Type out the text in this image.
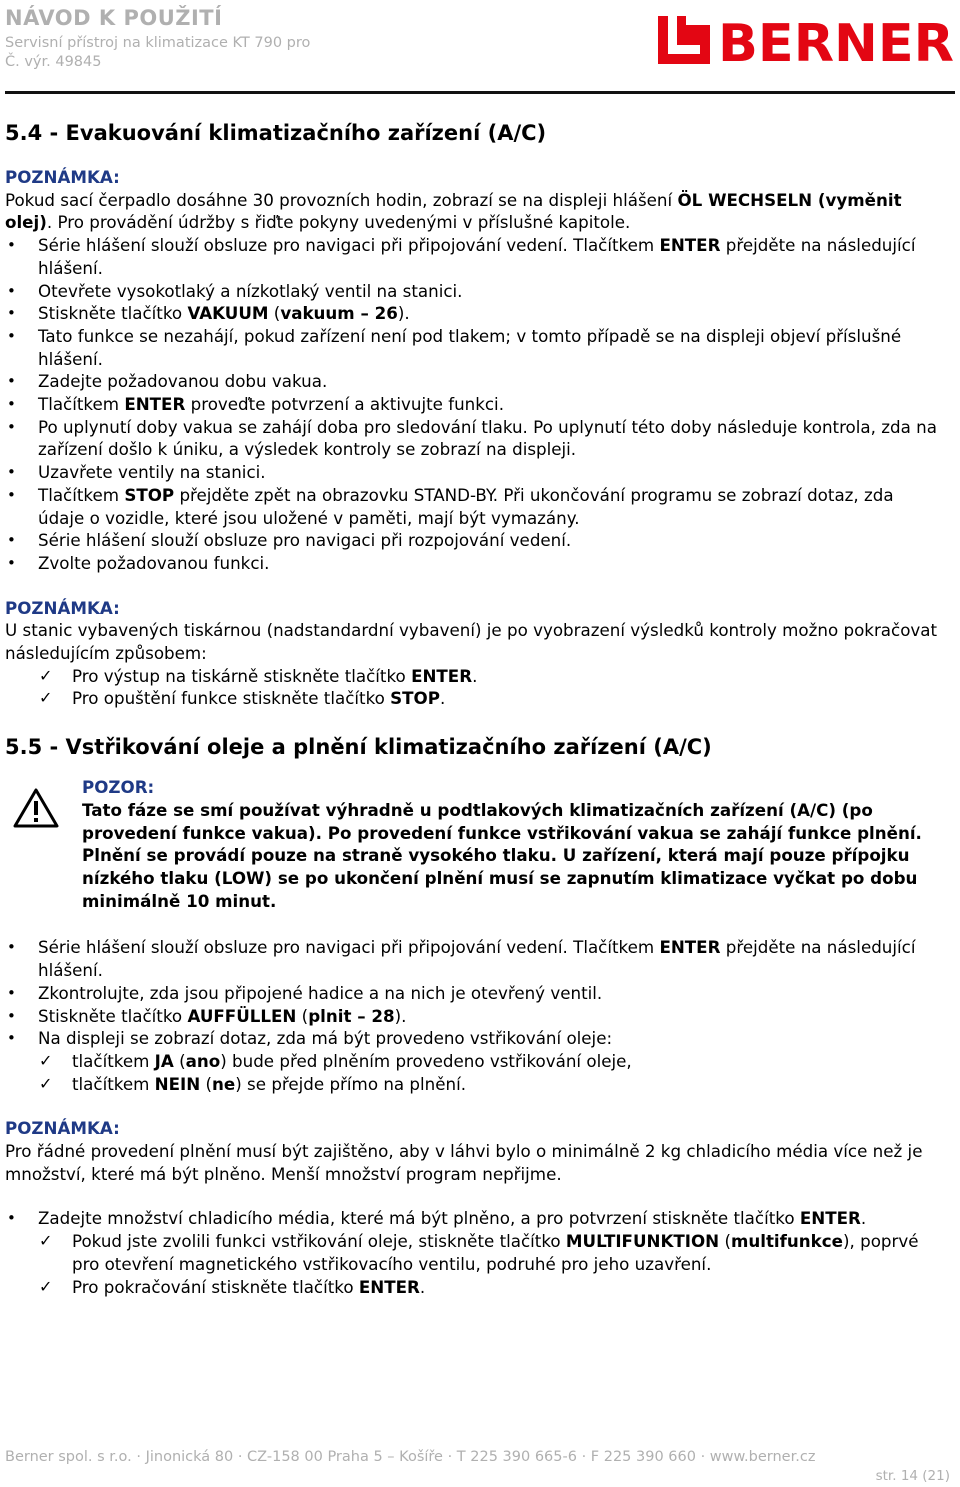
NÁVOD K POUŽITÍ
Servisní přístroj na klimatizace KT 790 pro
Č. výr. 49845	BERNER
5.4 - Evakuování klimatizačního zařízení (A/C)
POZNÁMKA:

Pokud sací čerpadlo dosáhne 30 provozních hodin, zobrazí se na displeji hlášení ÖL WECHSELN (vyměnit olej). Pro provádění údržby s řiďte pokyny uvedenými v příslušné kapitole.

• Série hlášení slouží obsluze pro navigaci při připojování vedení. Tlačítkem ENTER přejděte na následující hlášení.
• Otevřete vysokotlaký a nízkotlaký ventil na stanici.
• Stiskněte tlačítko VAKUUM (vakuum – 26).
• Tato funkce se nezahájí, pokud zařízení není pod tlakem; v tomto případě se na displeji objeví příslušné hlášení.
• Zadejte požadovanou dobu vakua.
• Tlačítkem ENTER proveďte potvrzení a aktivujte funkci.
• Po uplynutí doby vakua se zahájí doba pro sledování tlaku. Po uplynutí této doby následuje kontrola, zda na zařízení došlo k úniku, a výsledek kontroly se zobrazí na displeji.
• Uzavřete ventily na stanici.
• Tlačítkem STOP přejděte zpět na obrazovku STAND-BY. Při ukončování programu se zobrazí dotaz, zda údaje o vozidle, které jsou uložené v paměti, mají být vymazány.
• Série hlášení slouží obsluze pro navigaci při rozpojování vedení.
• Zvolte požadovanou funkci.
POZNÁMKA:

U stanic vybavených tiskárnou (nadstandardní vybavení) je po vyobrazení výsledků kontroly možno pokračovat následujícím způsobem:

✓ Pro výstup na tiskárně stiskněte tlačítko ENTER.
✓ Pro opuštění funkce stiskněte tlačítko STOP.
5.5 - Vstřikování oleje a plnění klimatizačního zařízení (A/C)
POZOR:
Tato fáze se smí používat výhradně u podtlakových klimatizačních zařízení (A/C) (po provedení funkce vakua). Po provedení funkce vstřikování vakua se zahájí funkce plnění.
Plnění se provádí pouze na straně vysokého tlaku. U zařízení, která mají pouze přípojku nízkého tlaku (LOW) se po ukončení plnění musí se zapnutím klimatizace vyčkat po dobu minimálně 10 minut.
• Série hlášení slouží obsluze pro navigaci při připojování vedení. Tlačítkem ENTER přejděte na následující hlášení.
• Zkontrolujte, zda jsou připojené hadice a na nich je otevřený ventil.
• Stiskněte tlačítko AUFFÜLLEN (plnit – 28).
• Na displeji se zobrazí dotaz, zda má být provedeno vstřikování oleje:
✓ tlačítkem JA (ano) bude před plněním provedeno vstřikování oleje,
✓ tlačítkem NEIN (ne) se přejde přímo na plnění.
POZNÁMKA:

Pro řádné provedení plnění musí být zajištěno, aby v láhvi bylo o minimálně 2 kg chladicího média více než je množství, které má být plněno. Menší množství program nepřijme.

• Zadejte množství chladicího média, které má být plněno, a pro potvrzení stiskněte tlačítko ENTER.
✓ Pokud jste zvolili funkci vstřikování oleje, stiskněte tlačítko MULTIFUNKTION (multifunkce), poprvé pro otevření magnetického vstřikovacího ventilu, podruhé pro jeho uzavření.
✓ Pro pokračování stiskněte tlačítko ENTER.
Berner spol. s r.o. · Jinonická 80 · CZ-158 00 Praha 5 – Košíře · T 225 390 665-6 · F 225 390 660 · www.berner.cz
str. 14 (21)
